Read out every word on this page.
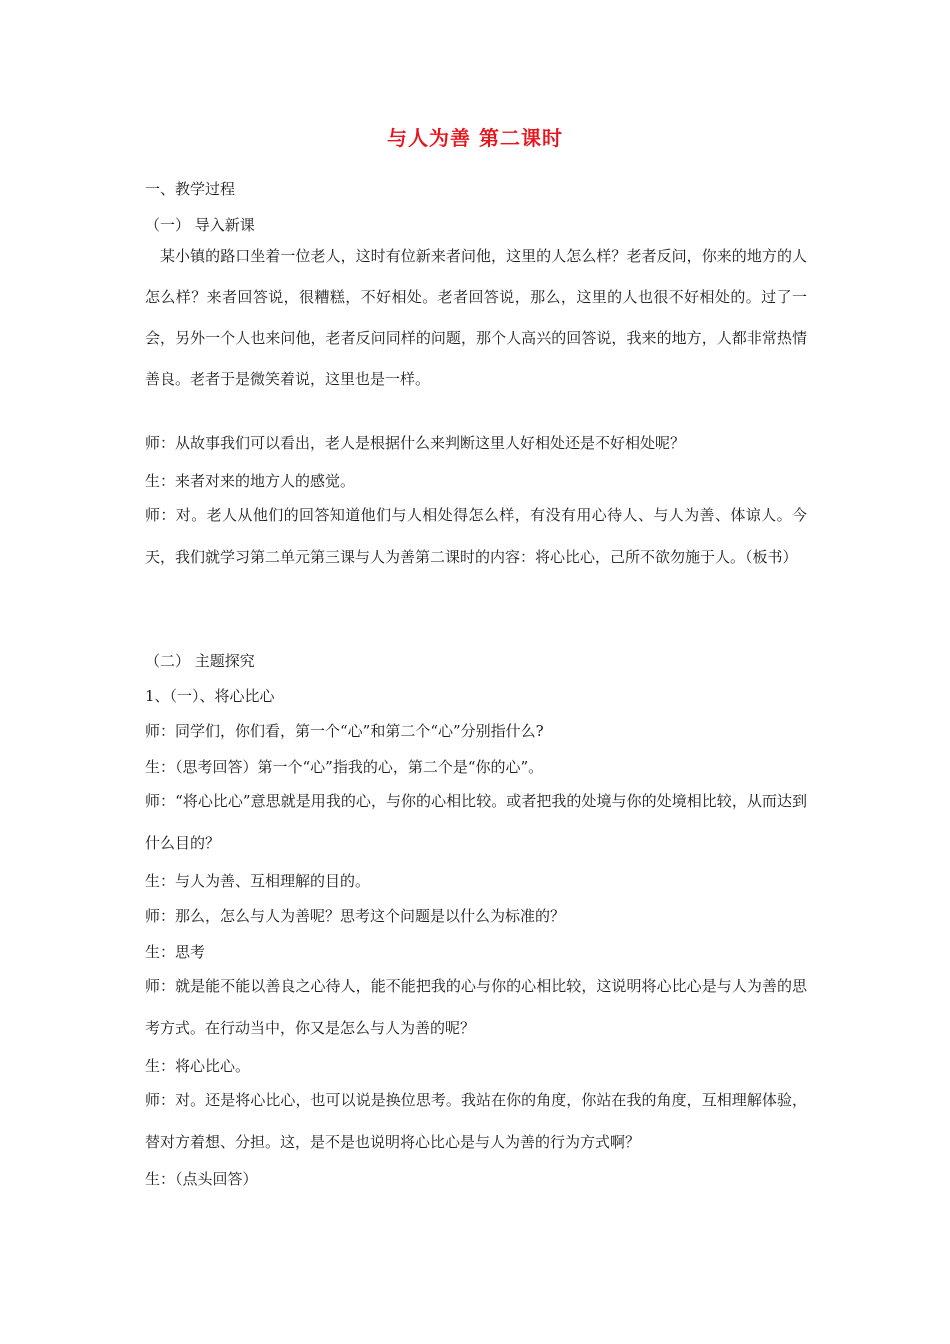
与人为善 第二课时
一、教学过程
（一） 导入新课
某小镇的路口坐着一位老人，这时有位新来者问他，这里的人怎么样？老者反问，你来的地方的人怎么样？来者回答说，很糟糕，不好相处。老者回答说，那么，这里的人也很不好相处的。过了一会，另外一个人也来问他，老者反问同样的问题，那个人高兴的回答说，我来的地方，人都非常热情善良。老者于是微笑着说，这里也是一样。
师：从故事我们可以看出，老人是根据什么来判断这里人好相处还是不好相处呢？
生：来者对来的地方人的感觉。
师：对。老人从他们的回答知道他们与人相处得怎么样，有没有用心待人、与人为善、体谅人。今天，我们就学习第二单元第三课与人为善第二课时的内容：将心比心，己所不欲勿施于人。（板书）
（二） 主题探究
1、（一）、将心比心
师：同学们，你们看，第一个“心”和第二个“心”分别指什么?
生：（思考回答）第一个“心”指我的心，第二个是“你的心”。
师：“将心比心”意思就是用我的心，与你的心相比较。或者把我的处境与你的处境相比较，从而达到什么目的？
生：与人为善、互相理解的目的。
师：那么，怎么与人为善呢？思考这个问题是以什么为标准的？
生：思考
师：就是能不能以善良之心待人，能不能把我的心与你的心相比较，这说明将心比心是与人为善的思考方式。在行动当中，你又是怎么与人为善的呢？
生：将心比心。
师：对。还是将心比心，也可以说是换位思考。我站在你的角度，你站在我的角度，互相理解体验，替对方着想、分担。这，是不是也说明将心比心是与人为善的行为方式啊？
生：（点头回答）
